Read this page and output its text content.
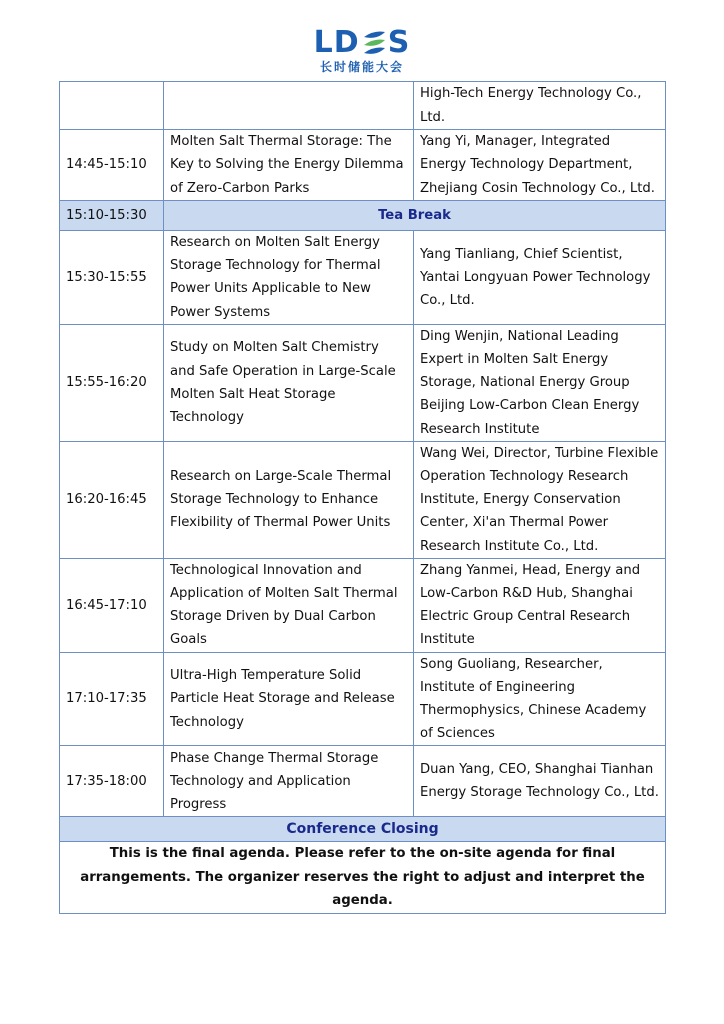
LD S
长时储能大会
		High-Tech Energy Technology Co., Ltd.
14:45-15:10	Molten Salt Thermal Storage: The Key to Solving the Energy Dilemma of Zero-Carbon Parks	Yang Yi, Manager, Integrated Energy Technology Department, Zhejiang Cosin Technology Co., Ltd.
15:10-15:30	Tea Break	
15:30-15:55	Research on Molten Salt Energy Storage Technology for Thermal Power Units Applicable to New Power Systems	Yang Tianliang, Chief Scientist, Yantai Longyuan Power Technology Co., Ltd.
15:55-16:20	Study on Molten Salt Chemistry and Safe Operation in Large-Scale Molten Salt Heat Storage Technology	Ding Wenjin, National Leading Expert in Molten Salt Energy Storage, National Energy Group Beijing Low-Carbon Clean Energy Research Institute
16:20-16:45	Research on Large-Scale Thermal Storage Technology to Enhance Flexibility of Thermal Power Units	Wang Wei, Director, Turbine Flexible Operation Technology Research Institute, Energy Conservation Center, Xi'an Thermal Power Research Institute Co., Ltd.
16:45-17:10	Technological Innovation and Application of Molten Salt Thermal Storage Driven by Dual Carbon Goals	Zhang Yanmei, Head, Energy and Low-Carbon R&D Hub, Shanghai Electric Group Central Research Institute
17:10-17:35	Ultra-High Temperature Solid Particle Heat Storage and Release Technology	Song Guoliang, Researcher, Institute of Engineering Thermophysics, Chinese Academy of Sciences
17:35-18:00	Phase Change Thermal Storage Technology and Application Progress	Duan Yang, CEO, Shanghai Tianhan Energy Storage Technology Co., Ltd.
Conference Closing		
This is the final agenda. Please refer to the on-site agenda for final arrangements. The organizer reserves the right to adjust and interpret the agenda.		
